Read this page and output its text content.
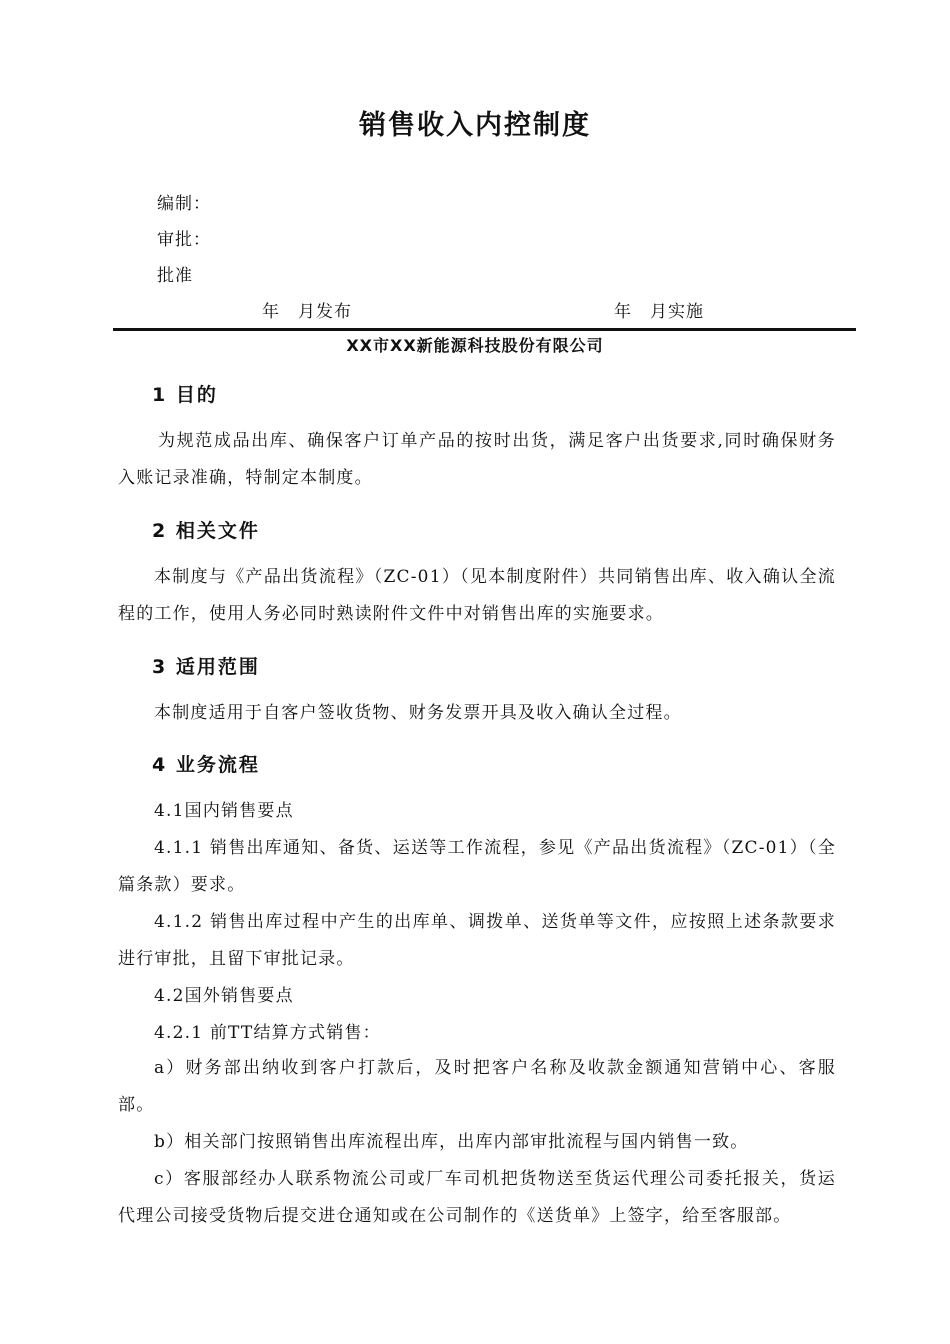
销售收入内控制度
编制：
审批：
批准
年　月发布	年　月实施
XX市XX新能源科技股份有限公司
1 目的

为规范成品出库、确保客户订单产品的按时出货，满足客户出货要求,同时确保财务入账记录准确，特制定本制度。

2 相关文件

本制度与《产品出货流程》（ZC-01）（见本制度附件）共同销售出库、收入确认全流程的工作，使用人务必同时熟读附件文件中对销售出库的实施要求。

3 适用范围

本制度适用于自客户签收货物、财务发票开具及收入确认全过程。

4 业务流程

4.1国内销售要点

4.1.1 销售出库通知、备货、运送等工作流程，参见《产品出货流程》（ZC-01）（全篇条款）要求。

4.1.2 销售出库过程中产生的出库单、调拨单、送货单等文件，应按照上述条款要求进行审批，且留下审批记录。

4.2国外销售要点

4.2.1 前TT结算方式销售：

a）财务部出纳收到客户打款后，及时把客户名称及收款金额通知营销中心、客服部。

b）相关部门按照销售出库流程出库，出库内部审批流程与国内销售一致。

c）客服部经办人联系物流公司或厂车司机把货物送至货运代理公司委托报关，货运代理公司接受货物后提交进仓通知或在公司制作的《送货单》上签字，给至客服部。
